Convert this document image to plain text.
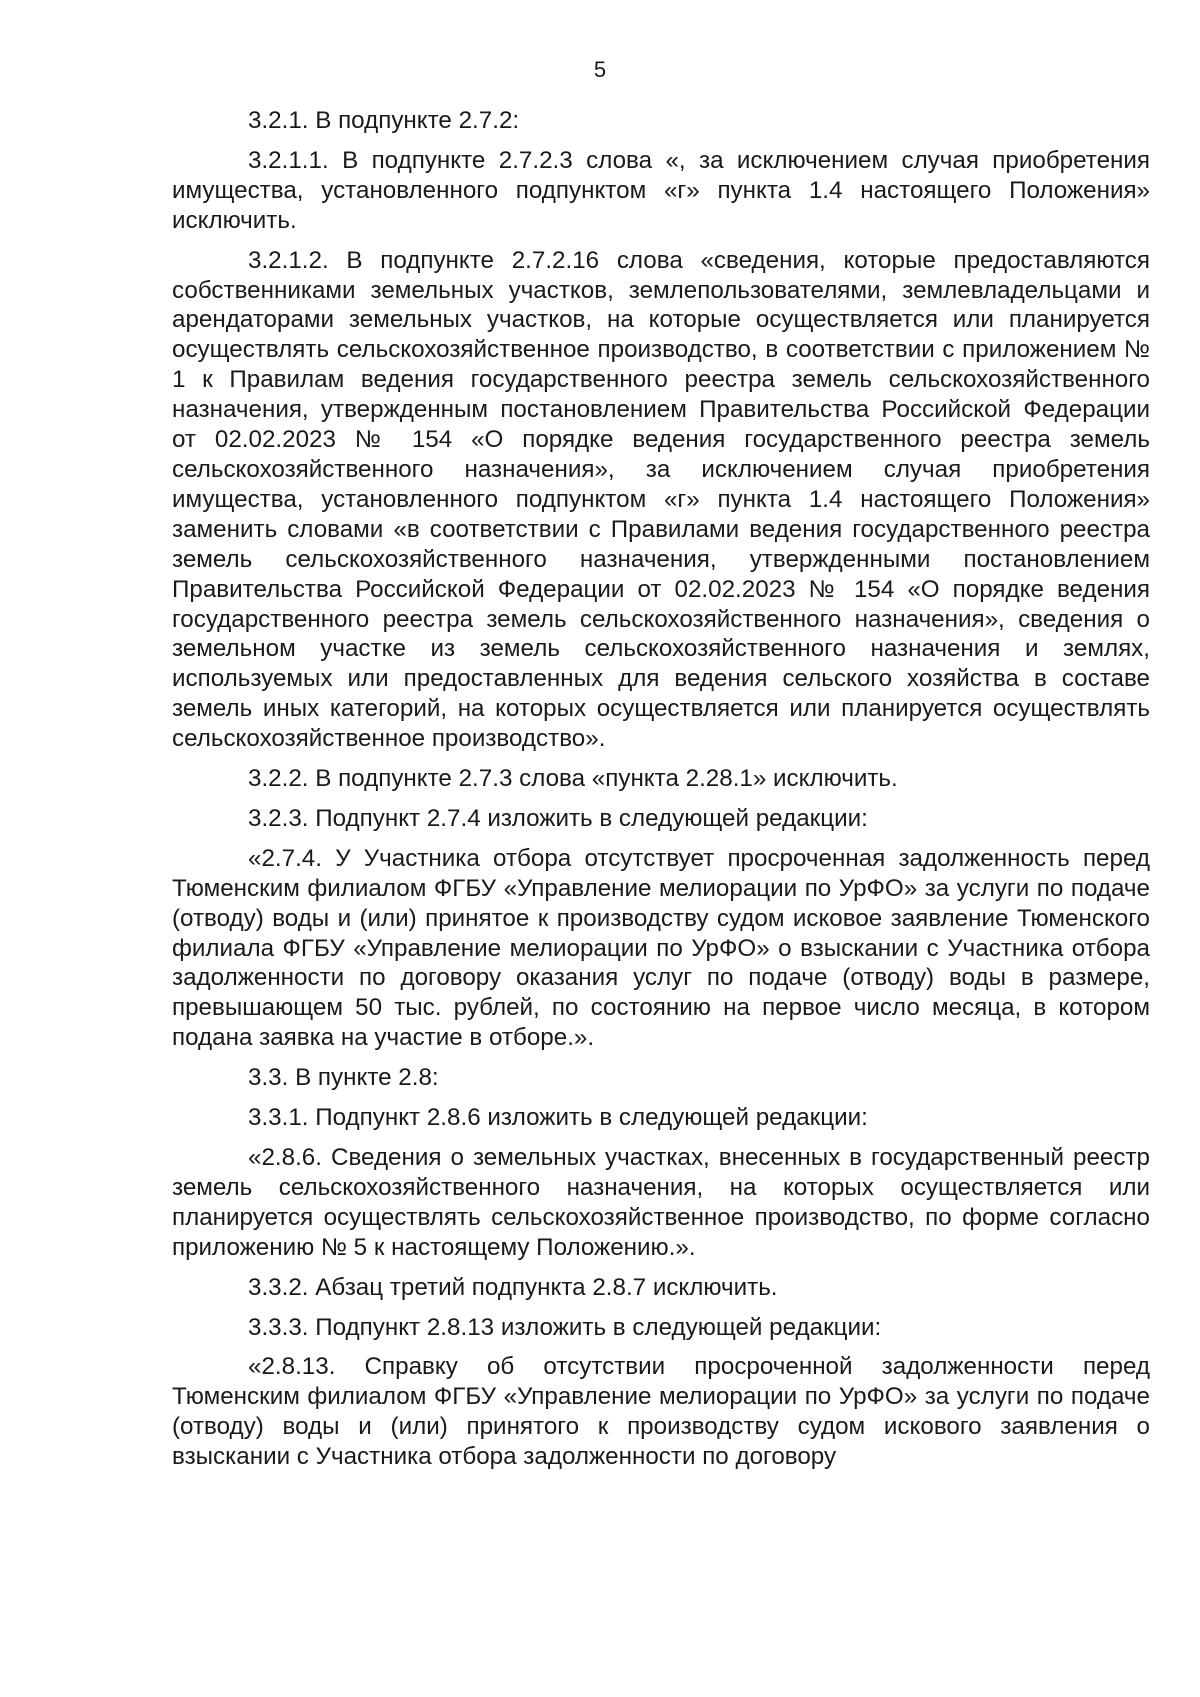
5

3.2.1. В подпункте 2.7.2:

3.2.1.1. В подпункте 2.7.2.3 слова «, за исключением случая приобретения имущества, установленного подпунктом «г» пункта 1.4 настоящего Положения» исключить.

3.2.1.2. В подпункте 2.7.2.16 слова «сведения, которые предоставляются собственниками земельных участков, землепользователями, землевладельцами и арендаторами земельных участков, на которые осуществляется или планируется осуществлять сельскохозяйственное производство, в соответствии с приложением № 1 к Правилам ведения государственного реестра земель сельскохозяйственного назначения, утвержденным постановлением Правительства Российской Федерации от 02.02.2023 № 154 «О порядке ведения государственного реестра земель сельскохозяйственного назначения», за исключением случая приобретения имущества, установленного подпунктом «г» пункта 1.4 настоящего Положения» заменить словами «в соответствии с Правилами ведения государственного реестра земель сельскохозяйственного назначения, утвержденными постановлением Правительства Российской Федерации от 02.02.2023 № 154 «О порядке ведения государственного реестра земель сельскохозяйственного назначения», сведения о земельном участке из земель сельскохозяйственного назначения и землях, используемых или предоставленных для ведения сельского хозяйства в составе земель иных категорий, на которых осуществляется или планируется осуществлять сельскохозяйственное производство».

3.2.2. В подпункте 2.7.3 слова «пункта 2.28.1» исключить.

3.2.3. Подпункт 2.7.4 изложить в следующей редакции:

«2.7.4. У Участника отбора отсутствует просроченная задолженность перед Тюменским филиалом ФГБУ «Управление мелиорации по УрФО» за услуги по подаче (отводу) воды и (или) принятое к производству судом исковое заявление Тюменского филиала ФГБУ «Управление мелиорации по УрФО» о взыскании с Участника отбора задолженности по договору оказания услуг по подаче (отводу) воды в размере, превышающем 50 тыс. рублей, по состоянию на первое число месяца, в котором подана заявка на участие в отборе.».

3.3. В пункте 2.8:

3.3.1. Подпункт 2.8.6 изложить в следующей редакции:

«2.8.6. Сведения о земельных участках, внесенных в государственный реестр земель сельскохозяйственного назначения, на которых осуществляется или планируется осуществлять сельскохозяйственное производство, по форме согласно приложению № 5 к настоящему Положению.».

3.3.2. Абзац третий подпункта 2.8.7 исключить.

3.3.3. Подпункт 2.8.13 изложить в следующей редакции:

«2.8.13. Справку об отсутствии просроченной задолженности перед Тюменским филиалом ФГБУ «Управление мелиорации по УрФО» за услуги по подаче (отводу) воды и (или) принятого к производству судом искового заявления о взыскании с Участника отбора задолженности по договору
